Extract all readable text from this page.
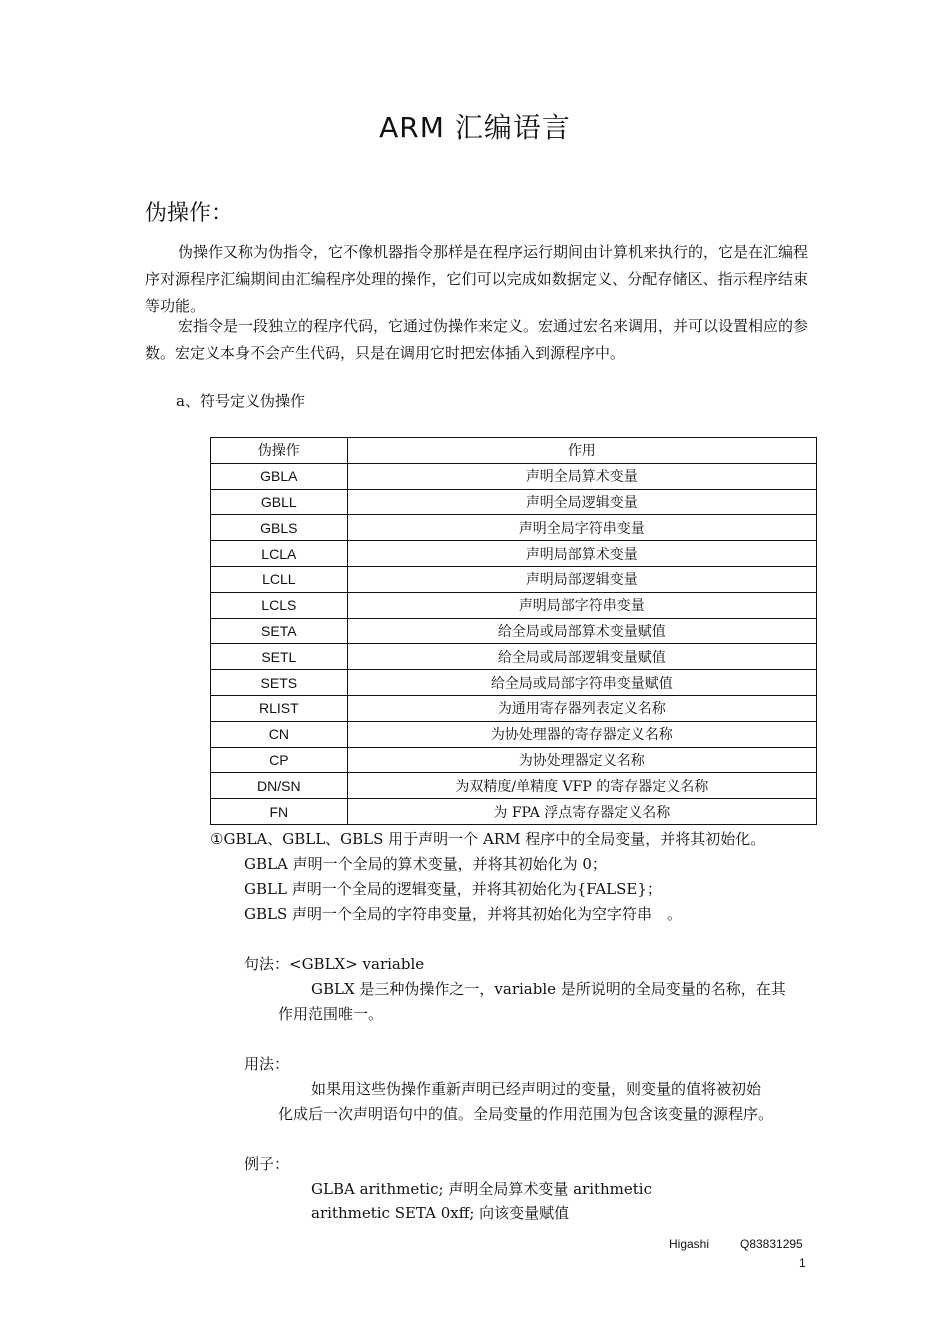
ARM 汇编语言
伪操作：
伪操作又称为伪指令，它不像机器指令那样是在程序运行期间由计算机来执行的，它是在汇编程序对源程序汇编期间由汇编程序处理的操作，它们可以完成如数据定义、分配存储区、指示程序结束等功能。
宏指令是一段独立的程序代码，它通过伪操作来定义。宏通过宏名来调用，并可以设置相应的参数。宏定义本身不会产生代码，只是在调用它时把宏体插入到源程序中。
a、符号定义伪操作
伪操作	作用
GBLA	声明全局算术变量
GBLL	声明全局逻辑变量
GBLS	声明全局字符串变量
LCLA	声明局部算术变量
LCLL	声明局部逻辑变量
LCLS	声明局部字符串变量
SETA	给全局或局部算术变量赋值
SETL	给全局或局部逻辑变量赋值
SETS	给全局或局部字符串变量赋值
RLIST	为通用寄存器列表定义名称
CN	为协处理器的寄存器定义名称
CP	为协处理器定义名称
DN/SN	为双精度/单精度 VFP 的寄存器定义名称
FN	为 FPA 浮点寄存器定义名称
①GBLA、GBLL、GBLS 用于声明一个 ARM 程序中的全局变量，并将其初始化。
GBLA 声明一个全局的算术变量，并将其初始化为 0；
GBLL 声明一个全局的逻辑变量，并将其初始化为{FALSE}；
GBLS 声明一个全局的字符串变量，并将其初始化为空字符串　。
句法：<GBLX> variable
GBLX 是三种伪操作之一，variable 是所说明的全局变量的名称，在其
作用范围唯一。
用法：
如果用这些伪操作重新声明已经声明过的变量，则变量的值将被初始
化成后一次声明语句中的值。全局变量的作用范围为包含该变量的源程序。
例子：
GLBA arithmetic; 声明全局算术变量 arithmetic
arithmetic SETA 0xff; 向该变量赋值
Higashi	Q83831295
1
